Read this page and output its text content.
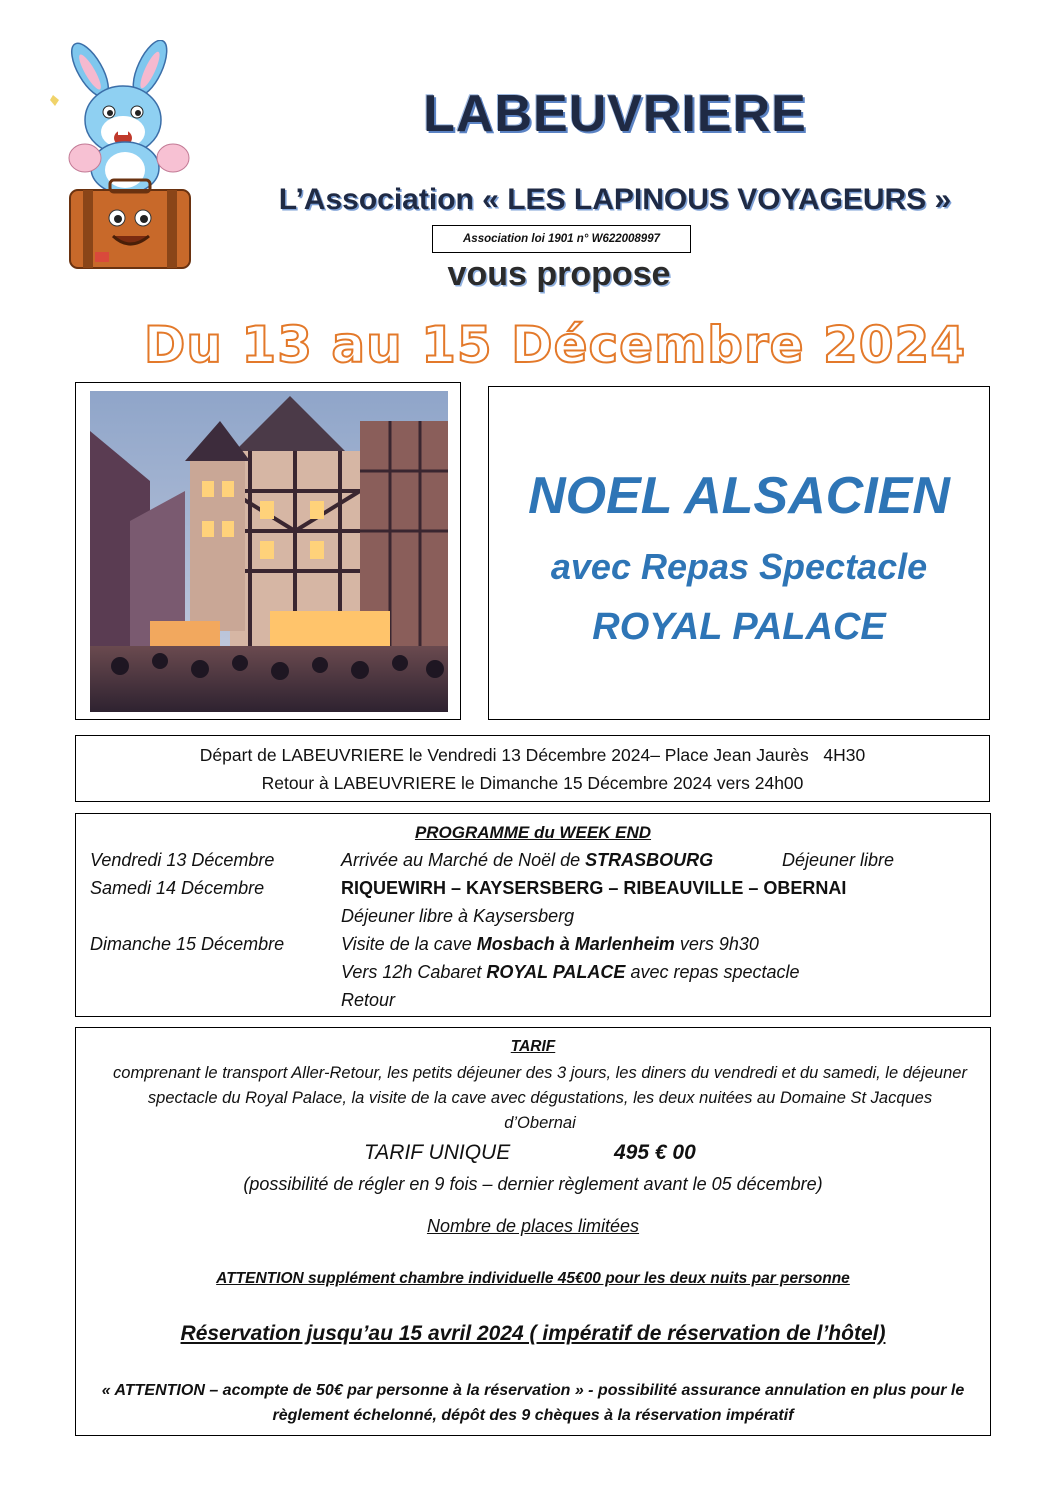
LABEUVRIERE
L’Association « LES LAPINOUS VOYAGEURS »
Association loi 1901 n° W622008997
vous propose
Du 13 au 15 Décembre 2024
NOEL ALSACIEN
avec Repas Spectacle
ROYAL PALACE
Départ de LABEUVRIERE le Vendredi 13 Décembre 2024– Place Jean Jaurès   4H30
Retour à LABEUVRIERE le Dimanche 15 Décembre 2024 vers 24h00
PROGRAMME du WEEK END
Vendredi 13 Décembre	Arrivée au Marché de Noël de STRASBOURG	Déjeuner libre
Samedi 14 Décembre	RIQUEWIRH – KAYSERSBERG – RIBEAUVILLE – OBERNAI
Déjeuner libre à Kaysersberg
Dimanche 15 Décembre	Visite de la cave Mosbach à Marlenheim vers 9h30
Vers 12h Cabaret ROYAL PALACE avec repas spectacle
Retour
TARIF
comprenant le transport Aller-Retour, les petits déjeuner des 3 jours, les diners du vendredi et du samedi, le déjeuner spectacle du Royal Palace, la visite de la cave avec dégustations, les deux nuitées au Domaine St Jacques d’Obernai
TARIF UNIQUE	495 € 00
(possibilité de régler en 9 fois – dernier règlement avant le 05 décembre)
Nombre de places limitées
ATTENTION supplément chambre individuelle 45€00 pour les deux nuits par personne
Réservation jusqu’au 15 avril 2024 ( impératif de réservation de l’hôtel)
« ATTENTION – acompte de 50€ par personne à la réservation » - possibilité assurance annulation en plus pour le règlement échelonné, dépôt des 9 chèques à la réservation impératif
